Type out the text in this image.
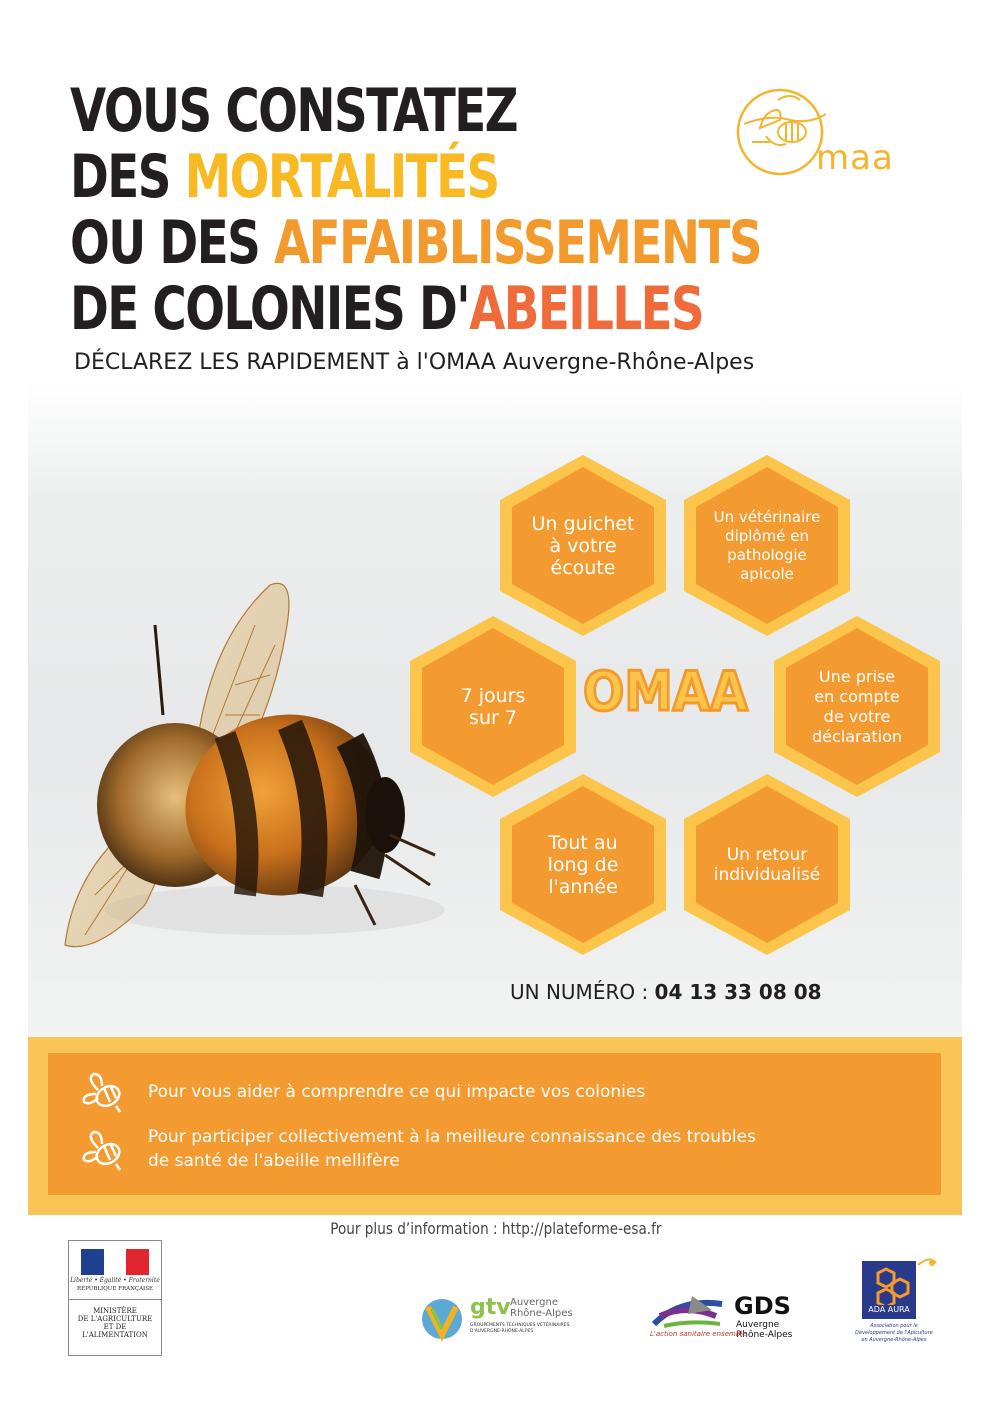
VOUS CONSTATEZ
DES MORTALITÉS
OU DES AFFAIBLISSEMENTS
DE COLONIES D'ABEILLES
maa
DÉCLAREZ LES RAPIDEMENT à l'OMAA Auvergne-Rhône-Alpes
Un guichet
à votre
écoute
Un vétérinaire
diplômé en
pathologie
apicole
7 jours
sur 7 OMAA	Une prise
en compte
de votre
déclaration
Tout au
long de
l'année
Un retour
individualisé
UN NUMÉRO : 04 13 33 08 08
Pour vous aider à comprendre ce qui impacte vos colonies
Pour participer collectivement à la meilleure connaissance des troubles
de santé de l'abeille mellifère
Pour plus d’information : http://plateforme-esa.fr
Liberté • Égalité • Fraternité
RÉPUBLIQUE FRANÇAISE
MINISTÈRE
DE L'AGRICULTURE
ET DE
L'ALIMENTATION
gtv Auvergne
Rhône-Alpes
GROUPEMENTS TECHNIQUES VÉTÉRINAIRES
D'AUVERGNE-RHÔNE-ALPES
GDS
Auvergne
Rhône-Alpes
L'action sanitaire ensemble
ADA AURA
Association pour le
Développement de l'Apiculture
en Auvergne-Rhône-Alpes
